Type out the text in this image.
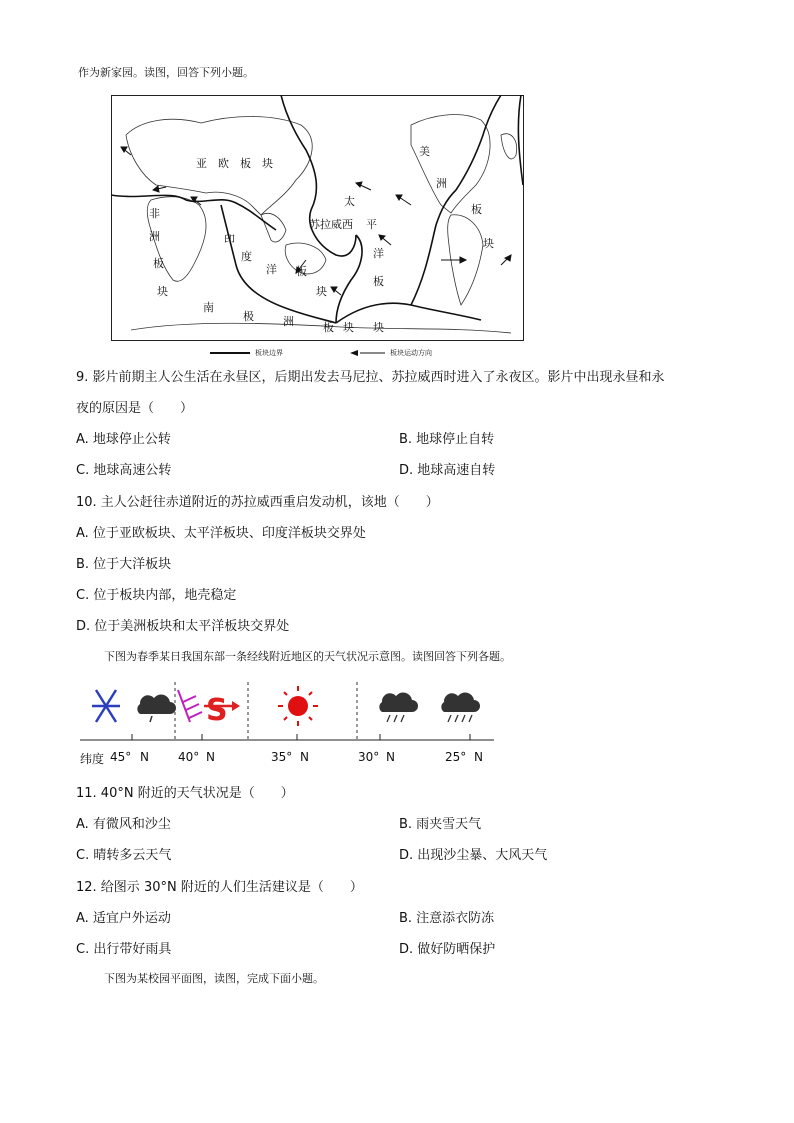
作为新家园。读图，回答下列小题。
亚 欧 板 块
非
洲
板
块
印
度
洋 板
块
太
平
洋
板
块
美
洲
板
块
南
极	洲	板 块
苏拉威西
板块边界	板块运动方向
9. 影片前期主人公生活在永昼区，后期出发去马尼拉、苏拉威西时进入了永夜区。影片中出现永昼和永
夜的原因是（　　）
A. 地球停止公转	B. 地球停止自转
C. 地球高速公转	D. 地球高速自转
10. 主人公赶往赤道附近的苏拉威西重启发动机，该地（　　）
A. 位于亚欧板块、太平洋板块、印度洋板块交界处
B. 位于大洋板块
C. 位于板块内部，地壳稳定
D. 位于美洲板块和太平洋板块交界处
下图为春季某日我国东部一条经线附近地区的天气状况示意图。读图回答下列各题。
S
纬度 45° N 40° N	35° N	30° N	25° N
11. 40°N 附近的天气状况是（　　）
A. 有微风和沙尘	B. 雨夹雪天气
C. 晴转多云天气	D. 出现沙尘暴、大风天气
12. 给图示 30°N 附近的人们生活建议是（　　）
A. 适宜户外运动	B. 注意添衣防冻
C. 出行带好雨具	D. 做好防晒保护
下图为某校园平面图，读图，完成下面小题。
